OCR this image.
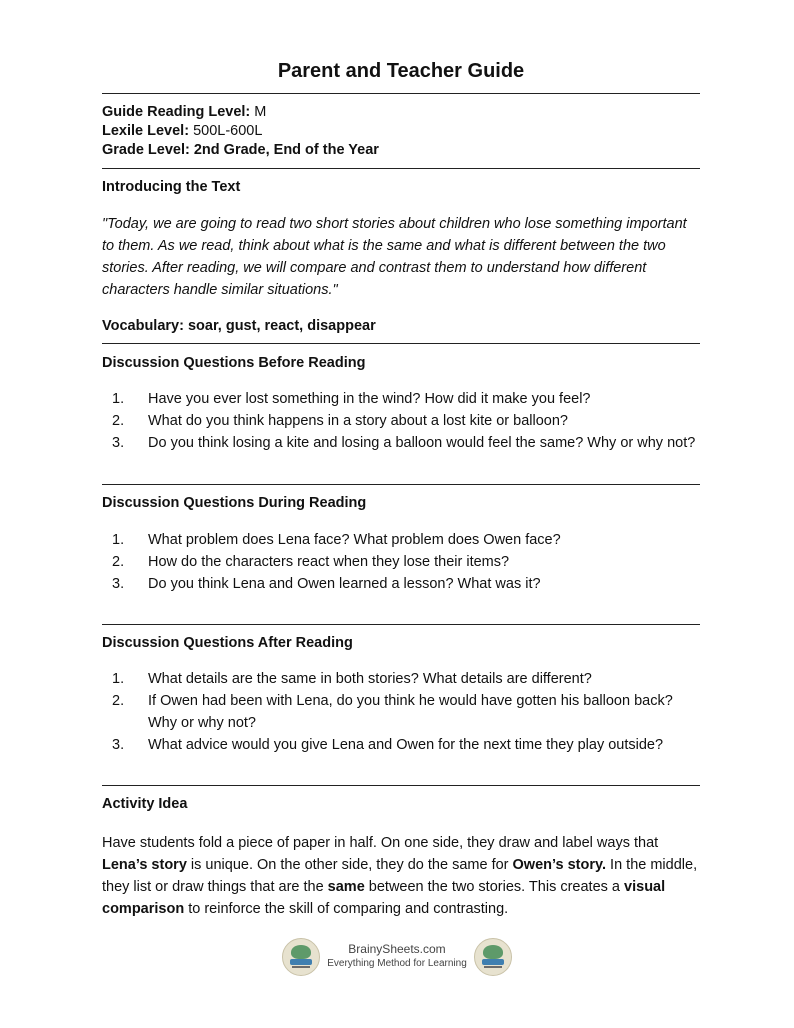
Parent and Teacher Guide
Guide Reading Level: M
Lexile Level: 500L-600L
Grade Level: 2nd Grade, End of the Year
Introducing the Text
"Today, we are going to read two short stories about children who lose something important to them. As we read, think about what is the same and what is different between the two stories. After reading, we will compare and contrast them to understand how different characters handle similar situations."
Vocabulary: soar, gust, react, disappear
Discussion Questions Before Reading
1. Have you ever lost something in the wind? How did it make you feel?
2. What do you think happens in a story about a lost kite or balloon?
3. Do you think losing a kite and losing a balloon would feel the same? Why or why not?
Discussion Questions During Reading
1. What problem does Lena face? What problem does Owen face?
2. How do the characters react when they lose their items?
3. Do you think Lena and Owen learned a lesson? What was it?
Discussion Questions After Reading
1. What details are the same in both stories? What details are different?
2. If Owen had been with Lena, do you think he would have gotten his balloon back? Why or why not?
3. What advice would you give Lena and Owen for the next time they play outside?
Activity Idea
Have students fold a piece of paper in half. On one side, they draw and label ways that Lena’s story is unique. On the other side, they do the same for Owen’s story. In the middle, they list or draw things that are the same between the two stories. This creates a visual comparison to reinforce the skill of comparing and contrasting.
BrainySheets.com
Everything Method for Learning
